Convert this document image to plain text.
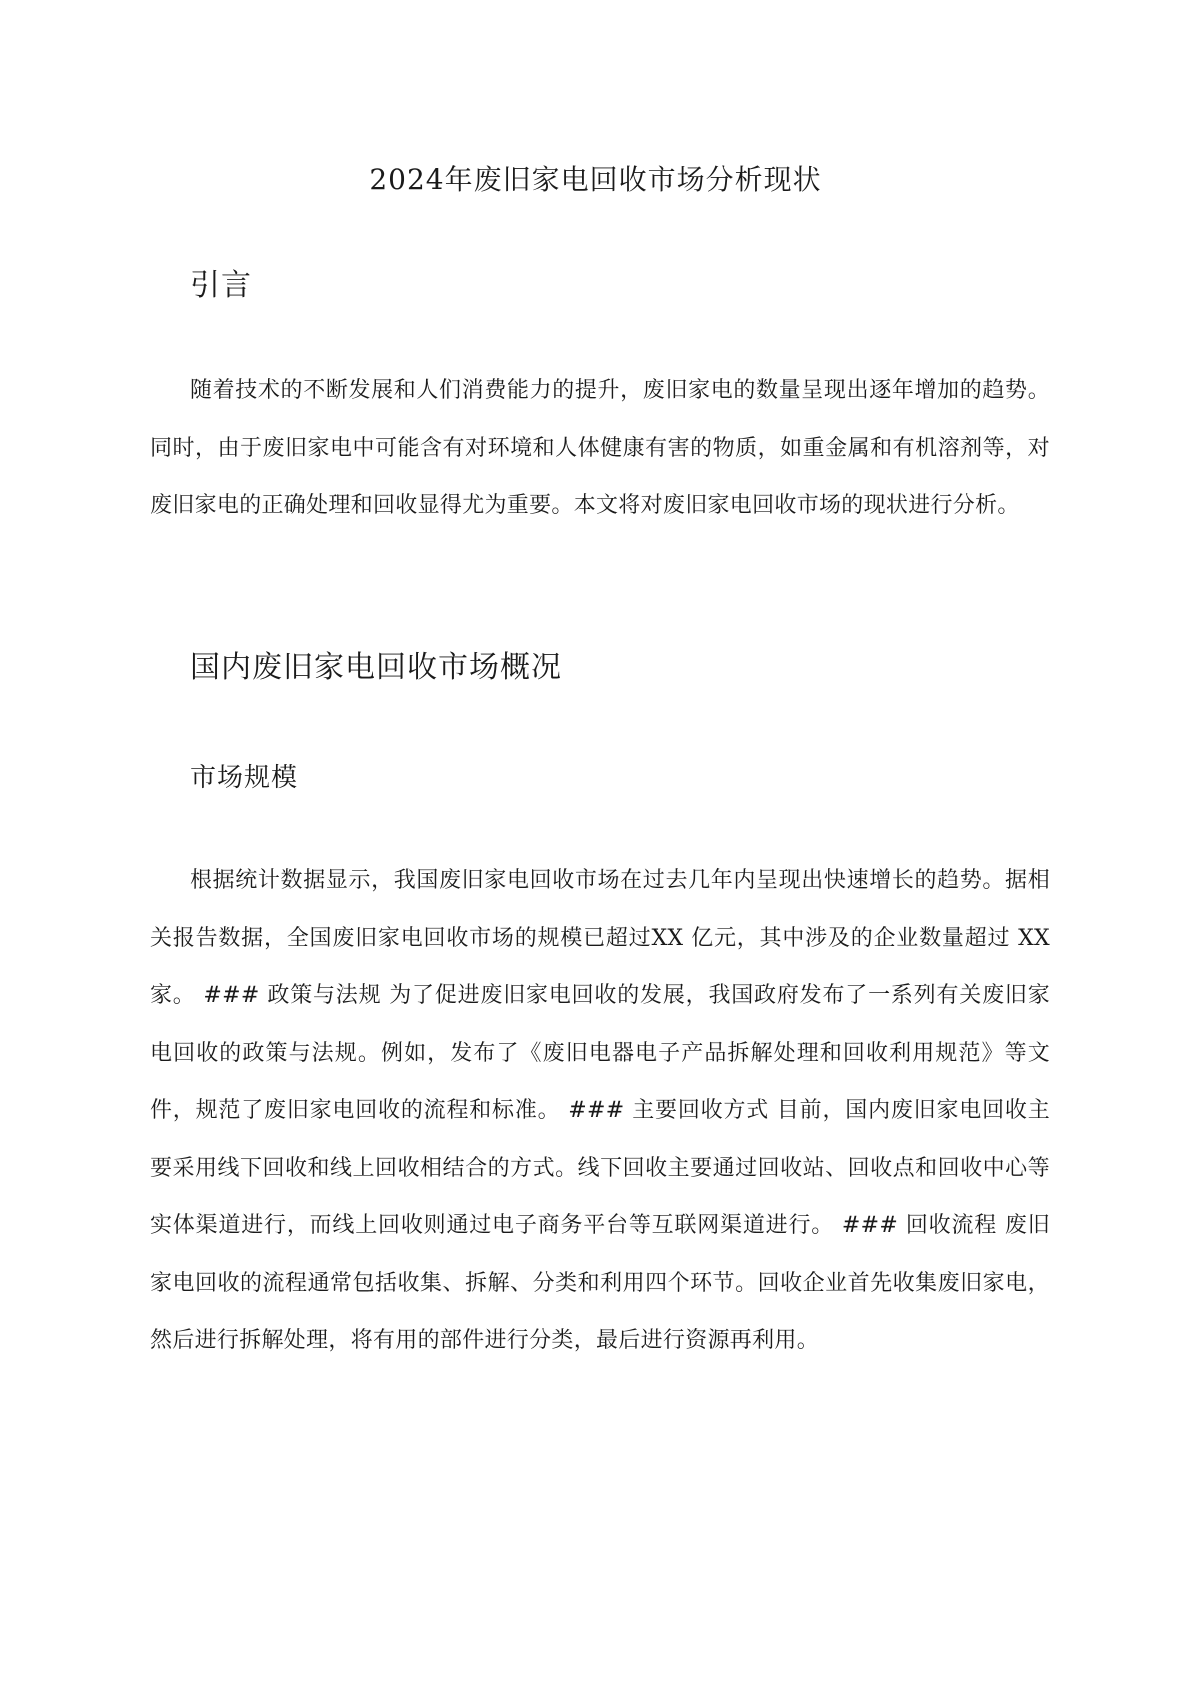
2024年废旧家电回收市场分析现状
引言

随着技术的不断发展和人们消费能力的提升，废旧家电的数量呈现出逐年增加的趋势。同时，由于废旧家电中可能含有对环境和人体健康有害的物质，如重金属和有机溶剂等，对废旧家电的正确处理和回收显得尤为重要。本文将对废旧家电回收市场的现状进行分析。

国内废旧家电回收市场概况
市场规模

根据统计数据显示，我国废旧家电回收市场在过去几年内呈现出快速增长的趋势。据相关报告数据，全国废旧家电回收市场的规模已超过XX 亿元，其中涉及的企业数量超过 XX 家。 ### 政策与法规 为了促进废旧家电回收的发展，我国政府发布了一系列有关废旧家电回收的政策与法规。例如，发布了《废旧电器电子产品拆解处理和回收利用规范》等文件，规范了废旧家电回收的流程和标准。 ### 主要回收方式 目前，国内废旧家电回收主要采用线下回收和线上回收相结合的方式。线下回收主要通过回收站、回收点和回收中心等实体渠道进行，而线上回收则通过电子商务平台等互联网渠道进行。 ### 回收流程 废旧家电回收的流程通常包括收集、拆解、分类和利用四个环节。回收企业首先收集废旧家电，然后进行拆解处理，将有用的部件进行分类，最后进行资源再利用。
